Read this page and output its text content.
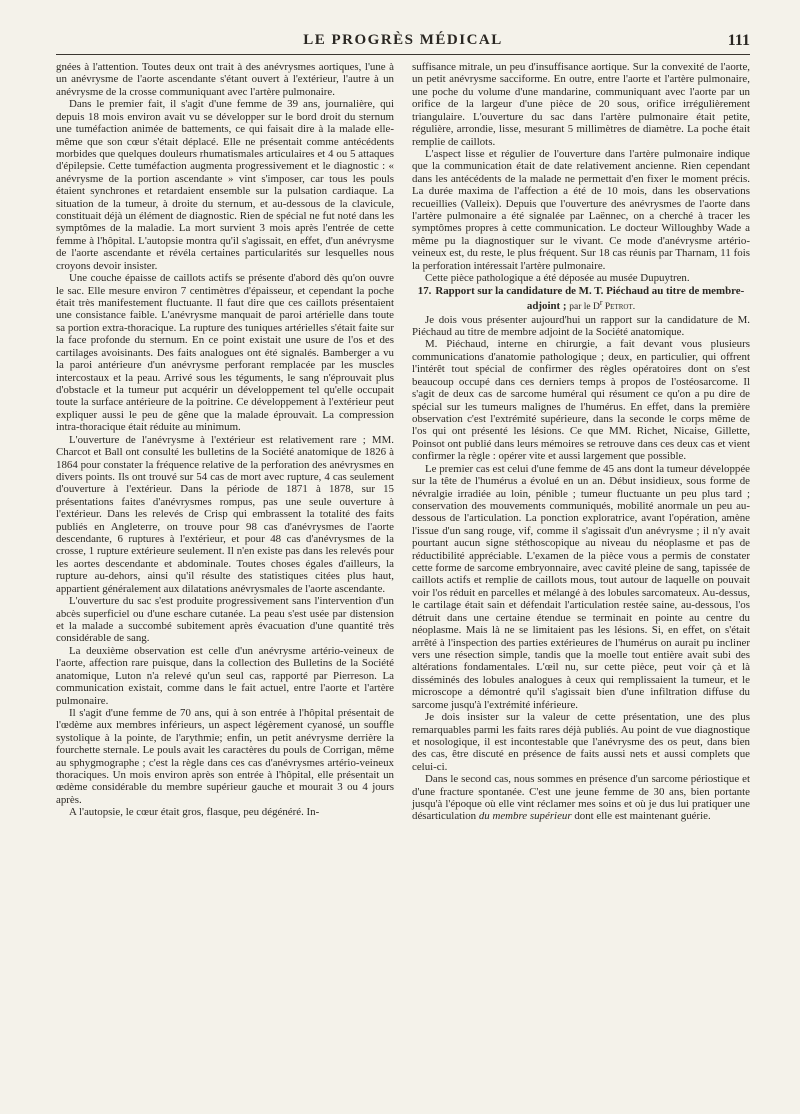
LE PROGRÈS MÉDICAL	111

gnées à l'attention. Toutes deux ont trait à des anévrysmes aortiques, l'une à un anévrysme de l'aorte ascendante s'étant ouvert à l'extérieur, l'autre à un anévrysme de la crosse communiquant avec l'artère pulmonaire.

Dans le premier fait, il s'agit d'une femme de 39 ans, journalière, qui depuis 18 mois environ avait vu se développer sur le bord droit du sternum une tuméfaction animée de battements, ce qui faisait dire à la malade elle-même que son cœur s'était déplacé. Elle ne présentait comme antécédents morbides que quelques douleurs rhumatismales articulaires et 4 ou 5 attaques d'épilepsie. Cette tuméfaction augmenta progressivement et le diagnostic : « anévrysme de la portion ascendante » vint s'imposer, car tous les pouls étaient synchrones et retardaient ensemble sur la pulsation cardiaque. La situation de la tumeur, à droite du sternum, et au-dessous de la clavicule, constituait déjà un élément de diagnostic. Rien de spécial ne fut noté dans les symptômes de la maladie. La mort survient 3 mois après l'entrée de cette femme à l'hôpital. L'autopsie montra qu'il s'agissait, en effet, d'un anévrysme de l'aorte ascendante et révéla certaines particularités sur lesquelles nous croyons devoir insister.

Une couche épaisse de caillots actifs se présente d'abord dès qu'on ouvre le sac. Elle mesure environ 7 centimètres d'épaisseur, et cependant la poche était très manifestement fluctuante. Il faut dire que ces caillots présentaient une consistance faible. L'anévrysme manquait de paroi artérielle dans toute sa portion extra-thoracique. La rupture des tuniques artérielles s'était faite sur la face profonde du sternum. En ce point existait une usure de l'os et des cartilages avoisinants. Des faits analogues ont été signalés. Bamberger a vu la paroi antérieure d'un anévrysme perforant remplacée par les muscles intercostaux et la peau. Arrivé sous les téguments, le sang n'éprouvait plus d'obstacle et la tumeur put acquérir un développement tel qu'elle occupait toute la surface antérieure de la poitrine. Ce développement à l'extérieur peut expliquer aussi le peu de gêne que la malade éprouvait. La compression intra-thoracique était réduite au minimum.

L'ouverture de l'anévrysme à l'extérieur est relativement rare ; MM. Charcot et Ball ont consulté les bulletins de la Société anatomique de 1826 à 1864 pour constater la fréquence relative de la perforation des anévrysmes en divers points. Ils ont trouvé sur 54 cas de mort avec rupture, 4 cas seulement d'ouverture à l'extérieur. Dans la période de 1871 à 1878, sur 15 présentations faites d'anévrysmes rompus, pas une seule ouverture à l'extérieur. Dans les relevés de Crisp qui embrassent la totalité des faits publiés en Angleterre, on trouve pour 98 cas d'anévrysmes de l'aorte descendante, 6 ruptures à l'extérieur, et pour 48 cas d'anévrysmes de la crosse, 1 rupture extérieure seulement. Il n'en existe pas dans les relevés pour les aortes descendante et abdominale. Toutes choses égales d'ailleurs, la rupture au-dehors, ainsi qu'il résulte des statistiques citées plus haut, appartient généralement aux dilatations anévrysmales de l'aorte ascendante.

L'ouverture du sac s'est produite progressivement sans l'intervention d'un abcès superficiel ou d'une eschare cutanée. La peau s'est usée par distension et la malade a succombé subitement après évacuation d'une quantité très considérable de sang.

La deuxième observation est celle d'un anévrysme artério-veineux de l'aorte, affection rare puisque, dans la collection des Bulletins de la Société anatomique, Luton n'a relevé qu'un seul cas, rapporté par Pierreson. La communication existait, comme dans le fait actuel, entre l'aorte et l'artère pulmonaire.

Il s'agit d'une femme de 70 ans, qui à son entrée à l'hôpital présentait de l'œdème aux membres inférieurs, un aspect légèrement cyanosé, un souffle systolique à la pointe, de l'arythmie; enfin, un petit anévrysme derrière la fourchette sternale. Le pouls avait les caractères du pouls de Corrigan, même au sphygmographe ; c'est la règle dans ces cas d'anévrysmes artério-veineux thoraciques. Un mois environ après son entrée à l'hôpital, elle présentait un œdème considérable du membre supérieur gauche et mourait 3 ou 4 jours après.

A l'autopsie, le cœur était gros, flasque, peu dégénéré. In-

suffisance mitrale, un peu d'insuffisance aortique. Sur la convexité de l'aorte, un petit anévrysme sacciforme. En outre, entre l'aorte et l'artère pulmonaire, une poche du volume d'une mandarine, communiquant avec l'aorte par un orifice de la largeur d'une pièce de 20 sous, orifice irrégulièrement triangulaire. L'ouverture du sac dans l'artère pulmonaire était petite, régulière, arrondie, lisse, mesurant 5 millimètres de diamètre. La poche était remplie de caillots.

L'aspect lisse et régulier de l'ouverture dans l'artère pulmonaire indique que la communication était de date relativement ancienne. Rien cependant dans les antécédents de la malade ne permettait d'en fixer le moment précis. La durée maxima de l'affection a été de 10 mois, dans les observations recueillies (Valleix). Depuis que l'ouverture des anévrysmes de l'aorte dans l'artère pulmonaire a été signalée par Laënnec, on a cherché à tracer les symptômes propres à cette communication. Le docteur Willoughby Wade a même pu la diagnostiquer sur le vivant. Ce mode d'anévrysme artério-veineux est, du reste, le plus fréquent. Sur 18 cas réunis par Tharnam, 11 fois la perforation intéressait l'artère pulmonaire.

Cette pièce pathologique a été déposée au musée Dupuytren.

17. Rapport sur la candidature de M. T. Piéchaud au titre de membre-adjoint ; par le $D^r$ Petrot.

Je dois vous présenter aujourd'hui un rapport sur la candidature de M. Piéchaud au titre de membre adjoint de la Société anatomique.

M. Piéchaud, interne en chirurgie, a fait devant vous plusieurs communications d'anatomie pathologique ; deux, en particulier, qui offrent l'intérêt tout spécial de confirmer des règles opératoires dont on s'est beaucoup occupé dans ces derniers temps à propos de l'ostéosarcome. Il s'agit de deux cas de sarcome huméral qui résument ce qu'on a pu dire de spécial sur les tumeurs malignes de l'humérus. En effet, dans la première observation c'est l'extrémité supérieure, dans la seconde le corps même de l'os qui ont présenté les lésions. Ce que MM. Richet, Nicaise, Gillette, Poinsot ont publié dans leurs mémoires se retrouve dans ces deux cas et vient confirmer la règle : opérer vite et aussi largement que possible.

Le premier cas est celui d'une femme de 45 ans dont la tumeur développée sur la tête de l'humérus a évolué en un an. Début insidieux, sous forme de névralgie irradiée au loin, pénible ; tumeur fluctuante un peu plus tard ; conservation des mouvements communiqués, mobilité anormale un peu au-dessous de l'articulation. La ponction exploratrice, avant l'opération, amène l'issue d'un sang rouge, vif, comme il s'agissait d'un anévrysme ; il n'y avait pourtant aucun signe stéthoscopique au niveau du néoplasme et pas de réductibilité appréciable. L'examen de la pièce vous a permis de constater cette forme de sarcome embryonnaire, avec cavité pleine de sang, tapissée de caillots actifs et remplie de caillots mous, tout autour de laquelle on pouvait voir l'os réduit en parcelles et mélangé à des lobules sarcomateux. Au-dessus, le cartilage était sain et défendait l'articulation restée saine, au-dessous, l'os détruit dans une certaine étendue se terminait en pointe au centre du néoplasme. Mais là ne se limitaient pas les lésions. Si, en effet, on s'était arrêté à l'inspection des parties extérieures de l'humérus on aurait pu incliner vers une résection simple, tandis que la moelle tout entière avait subi des altérations fondamentales. L'œil nu, sur cette pièce, peut voir çà et là disséminés des lobules analogues à ceux qui remplissaient la tumeur, et le microscope a démontré qu'il s'agissait bien d'une infiltration diffuse du sarcome jusqu'à l'extrémité inférieure.

Je dois insister sur la valeur de cette présentation, une des plus remarquables parmi les faits rares déjà publiés. Au point de vue diagnostique et nosologique, il est incontestable que l'anévrysme des os peut, dans bien des cas, être discuté en présence de faits aussi nets et aussi complets que celui-ci.

Dans le second cas, nous sommes en présence d'un sarcome périostique et d'une fracture spontanée. C'est une jeune femme de 30 ans, bien portante jusqu'à l'époque où elle vint réclamer mes soins et où je dus lui pratiquer une désarticulation du membre supérieur dont elle est maintenant guérie.
